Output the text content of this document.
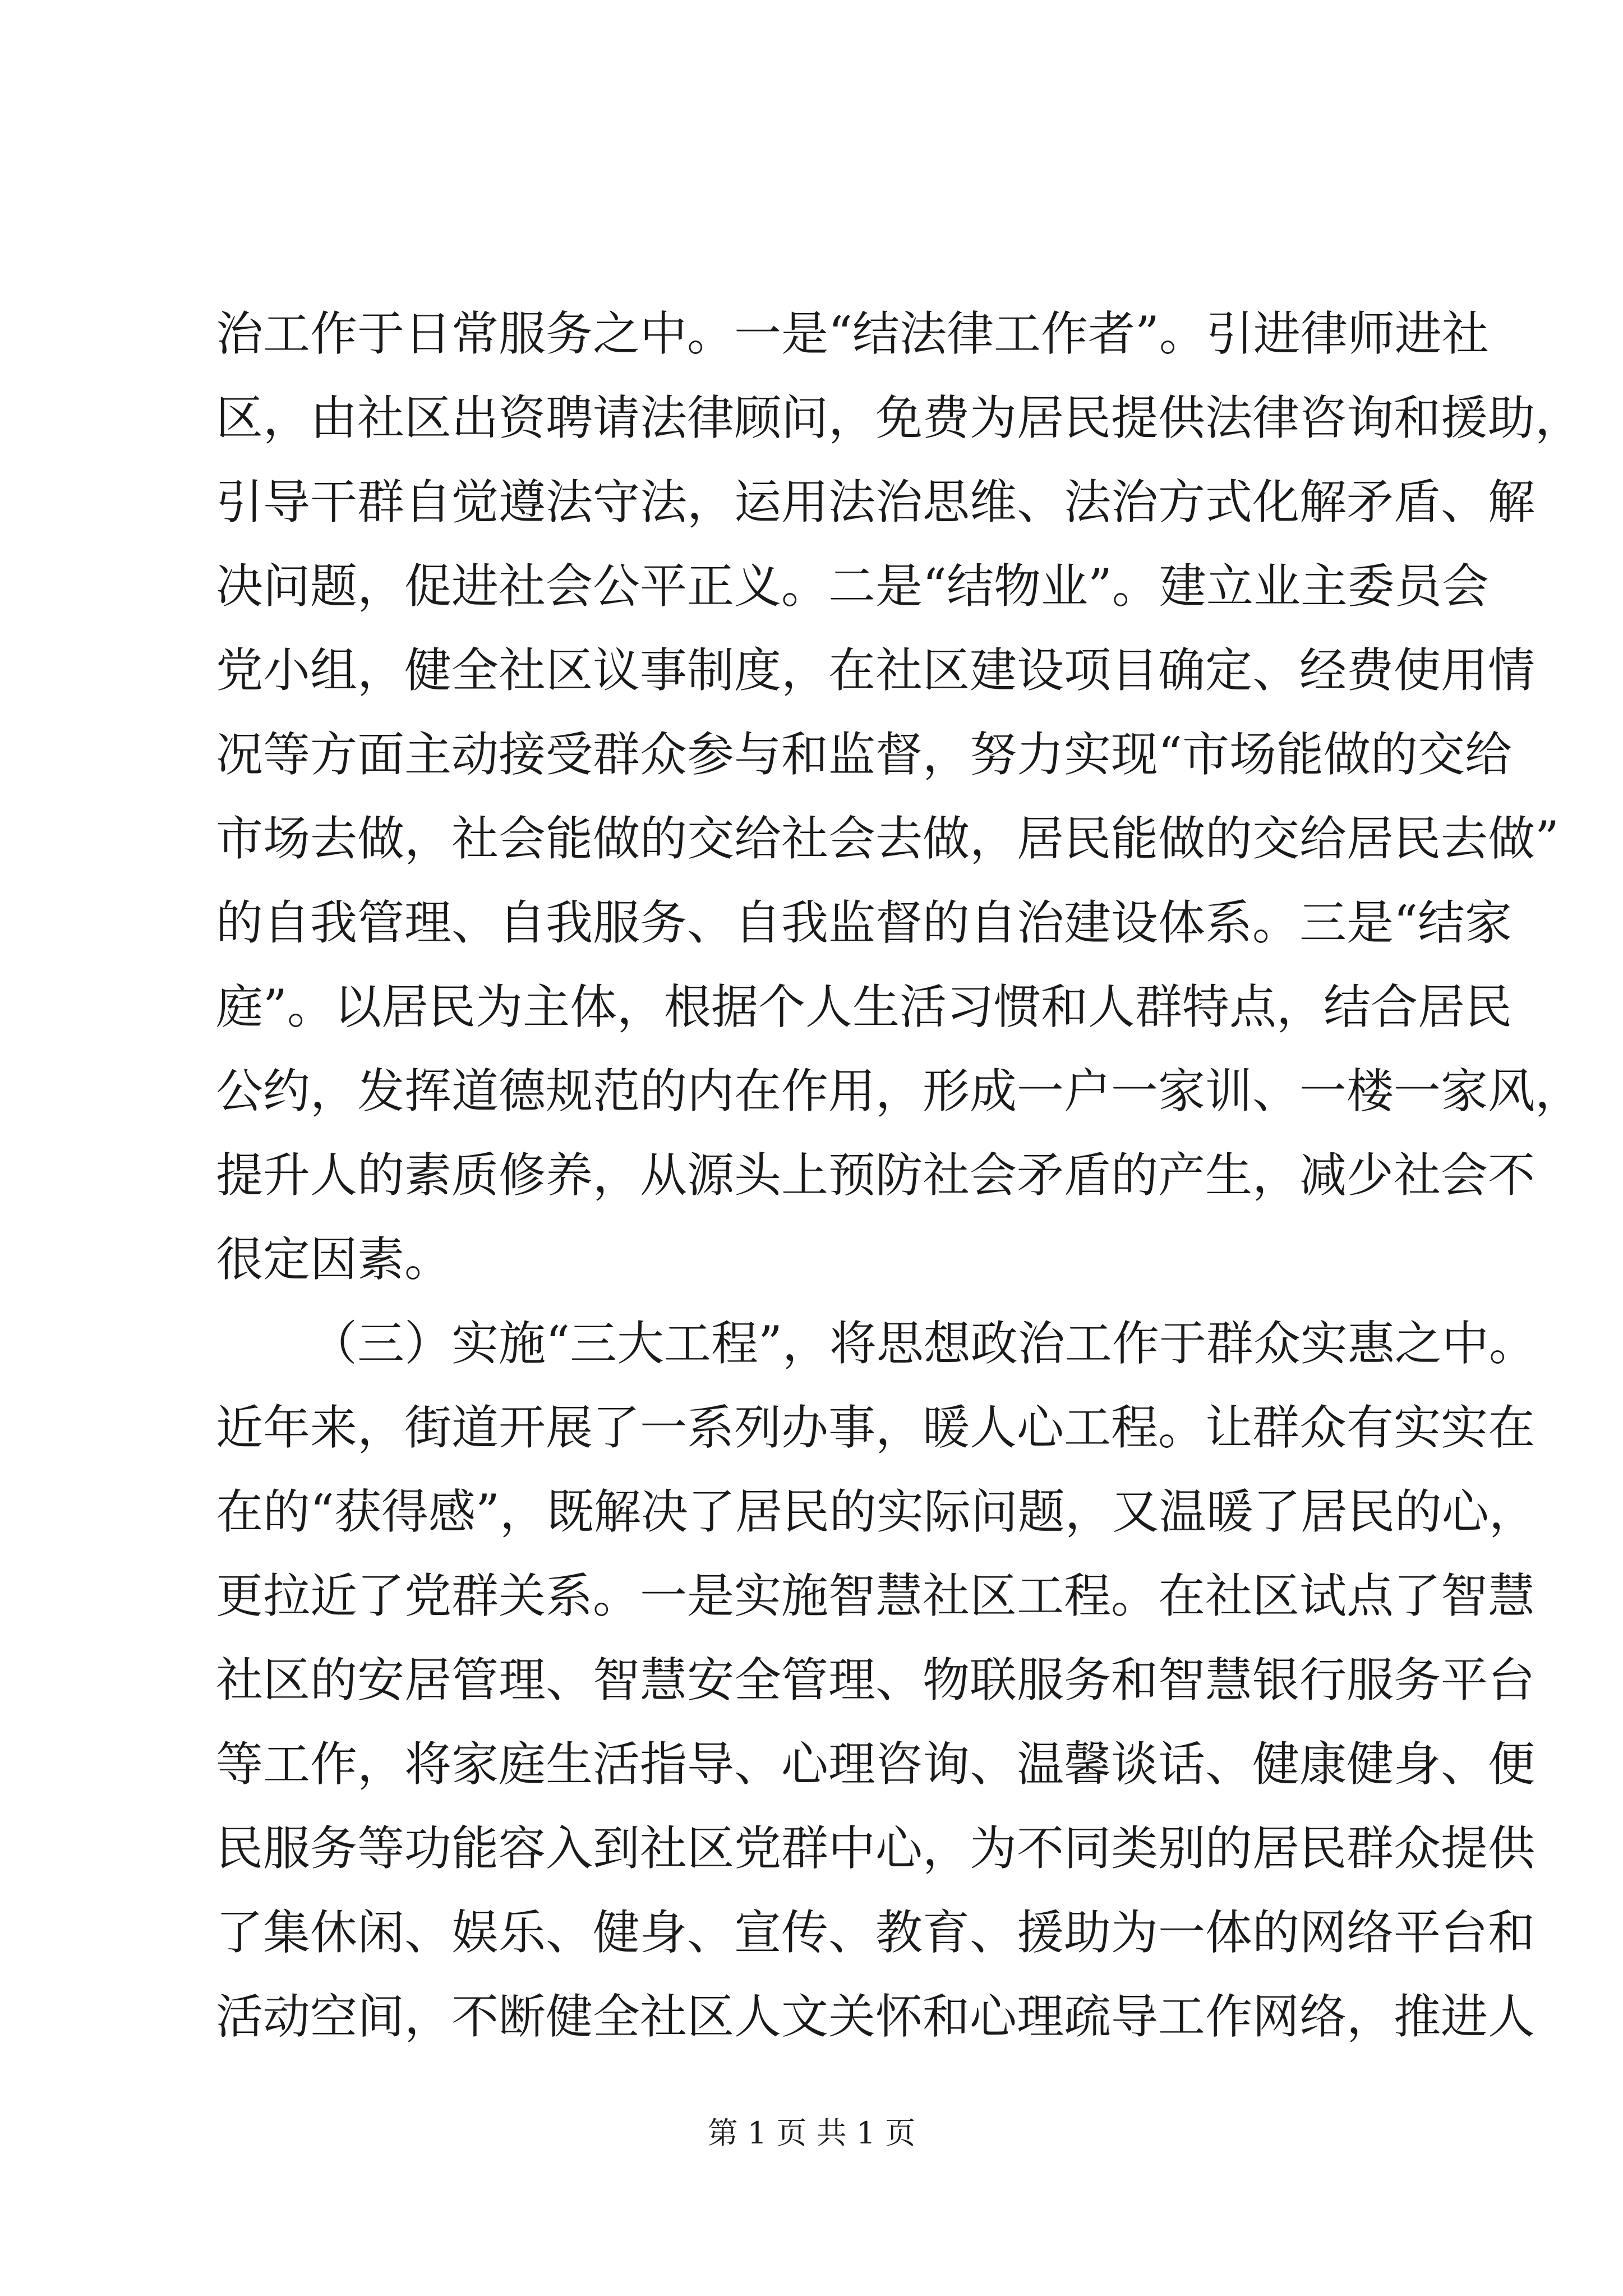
治工作于日常服务之中。一是“结法律工作者”。引进律师进社
区，由社区出资聘请法律顾问，免费为居民提供法律咨询和援助，
引导干群自觉遵法守法，运用法治思维、法治方式化解矛盾、解
决问题，促进社会公平正义。二是“结物业”。建立业主委员会
党小组，健全社区议事制度，在社区建设项目确定、经费使用情
况等方面主动接受群众参与和监督，努力实现“市场能做的交给
市场去做，社会能做的交给社会去做，居民能做的交给居民去做”
的自我管理、自我服务、自我监督的自治建设体系。三是“结家
庭”。以居民为主体，根据个人生活习惯和人群特点，结合居民
公约，发挥道德规范的内在作用，形成一户一家训、一楼一家风，
提升人的素质修养，从源头上预防社会矛盾的产生，减少社会不
很定因素。
（三）实施“三大工程”，将思想政治工作于群众实惠之中。
近年来，街道开展了一系列办事，暖人心工程。让群众有实实在
在的“获得感”，既解决了居民的实际问题，又温暖了居民的心，
更拉近了党群关系。一是实施智慧社区工程。在社区试点了智慧
社区的安居管理、智慧安全管理、物联服务和智慧银行服务平台
等工作，将家庭生活指导、心理咨询、温馨谈话、健康健身、便
民服务等功能容入到社区党群中心，为不同类别的居民群众提供
了集休闲、娱乐、健身、宣传、教育、援助为一体的网络平台和
活动空间，不断健全社区人文关怀和心理疏导工作网络，推进人
第 1 页 共 1 页
